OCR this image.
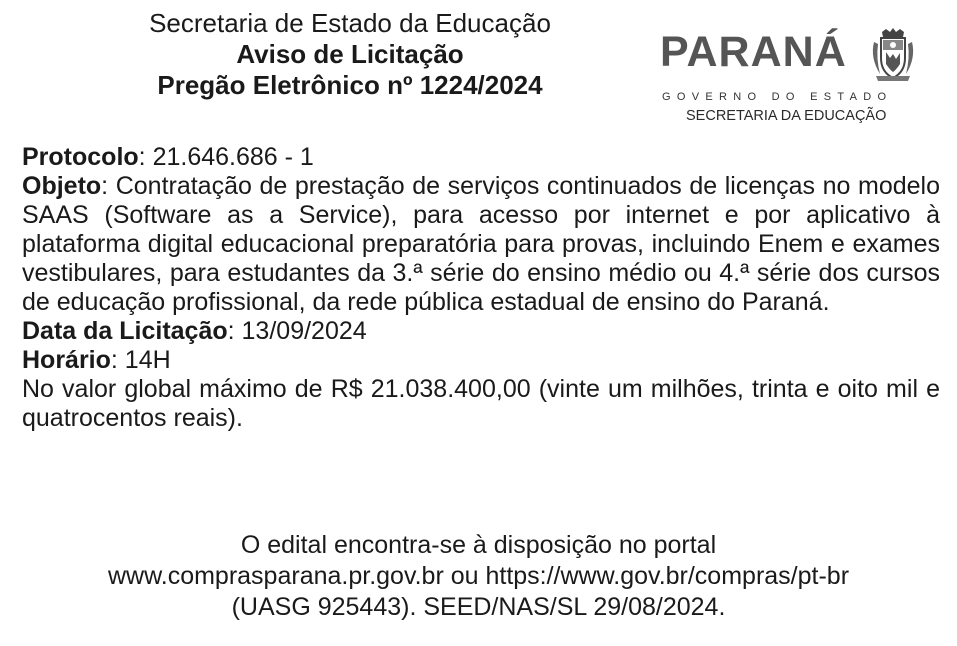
Secretaria de Estado da Educação
Aviso de Licitação
Pregão Eletrônico nº 1224/2024
PARANÁ
GOVERNO DO ESTADO
SECRETARIA DA EDUCAÇÃO

Protocolo: 21.646.686 - 1

Objeto: Contratação de prestação de serviços continuados de licenças no modelo SAAS (Software as a Service), para acesso por internet e por aplicativo à plataforma digital educacional preparatória para provas, incluindo Enem e exames vestibulares, para estudantes da 3.ª série do ensino médio ou 4.ª série dos cursos de educação profissional, da rede pública estadual de ensino do Paraná.

Data da Licitação: 13/09/2024

Horário: 14H

No valor global máximo de R$ 21.038.400,00 (vinte um milhões, trinta e oito mil e quatrocentos reais).

O edital encontra-se à disposição no portal

www.comprasparana.pr.gov.br ou https://www.gov.br/compras/pt-br

(UASG 925443). SEED/NAS/SL 29/08/2024.
